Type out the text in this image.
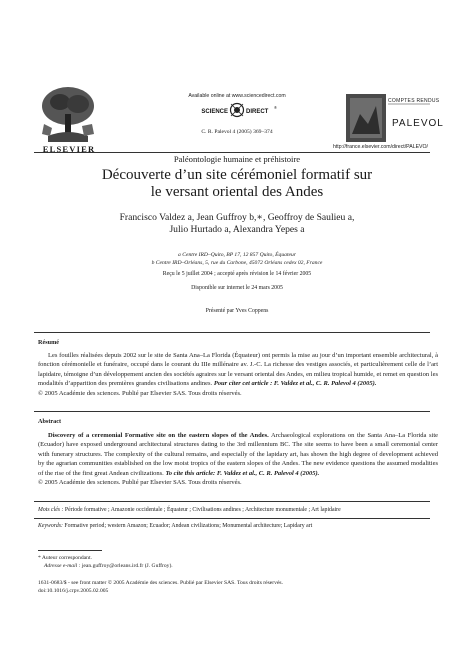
ELSEVIER
Available online at www.sciencedirect.com
SCIENCE	DIRECT
®
C. R. Palevol 4 (2005) 369–374
COMPTES RENDUS
PALEVOL
http://france.elsevier.com/direct/PALEVO/
Paléontologie humaine et préhistoire
Découverte d’un site cérémoniel formatif sur
le versant oriental des Andes
Francisco Valdez a, Jean Guffroy b,∗, Geoffroy de Saulieu a,
Julio Hurtado a, Alexandra Yepes a
a Centre IRD–Quito, BP 17, 12 857 Quito, Équateur
b Centre IRD–Orléans, 5, rue du Carbone, 45072 Orléans cedex 02, France
Reçu le 5 juillet 2004 ; accepté après révision le 14 février 2005
Disponible sur internet le 24 mars 2005
Présenté par Yves Coppens
Résumé
Les fouilles réalisées depuis 2002 sur le site de Santa Ana–La Florida (Équateur) ont permis la mise au jour d’un important ensemble architectural, à fonction cérémonielle et funéraire, occupé dans le courant du IIIe millénaire av. J.-C. La richesse des vestiges associés, et particulièrement celle de l’art lapidaire, témoigne d’un développement ancien des sociétés agraires sur le versant oriental des Andes, en milieu tropical humide, et remet en question les modalités d’apparition des premières grandes civilisations andines. Pour citer cet article : F. Valdez et al., C. R. Palevol 4 (2005).
© 2005 Académie des sciences. Publié par Elsevier SAS. Tous droits réservés.
Abstract
Discovery of a ceremonial Formative site on the eastern slopes of the Andes. Archaeological explorations on the Santa Ana–La Florida site (Ecuador) have exposed underground architectural structures dating to the 3rd millennium BC. The site seems to have been a small ceremonial center with funerary structures. The complexity of the cultural remains, and especially of the lapidary art, has shown the high degree of development achieved by the agrarian communities established on the low moist tropics of the eastern slopes of the Andes. The new evidence questions the assumed modalities of the rise of the first great Andean civilizations. To cite this article: F. Valdez et al., C. R. Palevol 4 (2005).
© 2005 Académie des sciences. Publié par Elsevier SAS. Tous droits réservés.
Mots clés : Période formative ; Amazonie occidentale ; Équateur ; Civilisations andines ; Architecture monumentale ; Art lapidaire
Keywords: Formative period; western Amazon; Ecuador; Andean civilizations; Monumental architecture; Lapidary art
* Auteur correspondant.
Adresse e-mail : jean.guffroy@orleans.ird.fr (J. Guffroy).
1631-0683/$ - see front matter © 2005 Académie des sciences. Publié par Elsevier SAS. Tous droits réservés.
doi:10.1016/j.crpv.2005.02.005
